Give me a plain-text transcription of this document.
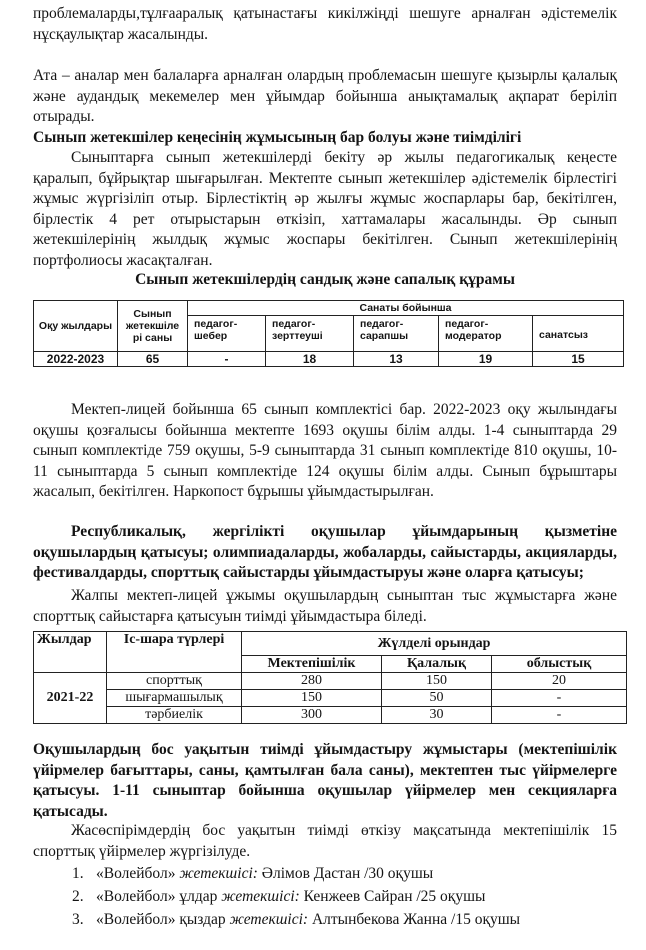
проблемаларды,тұлғааралық қатынастағы кикілжіңді шешуге арналған әдістемелік нұсқаулықтар жасалынды.

Ата – аналар мен балаларға арналған олардың проблемасын шешуге қызырлы қалалық және аудандық мекемелер мен ұйымдар бойынша анықтамалық ақпарат беріліп отырады.

Сынып жетекшілер кеңесінің жұмысының бар болуы және тиімділігі

Сыныптарға сынып жетекшілерді бекіту әр жылы педагогикалық кеңесте қаралып, бұйрықтар шығарылған. Мектепте сынып жетекшілер әдістемелік бірлестігі жұмыс жүргізіліп отыр. Бірлестіктің әр жылғы жұмыс жоспарлары бар, бекітілген, бірлестік 4 рет отырыстарын өткізіп, хаттамалары жасалынды. Әр сынып жетекшілерінің жылдық жұмыс жоспары бекітілген. Сынып жетекшілерінің портфолиосы жасақталған.

Сынып жетекшілердің сандық және сапалық құрамы

Оқу жылдары	Сынып жетекшіле рі саны	Санаты бойынша				
		педагог-шебер	педагог-зерттеуші	педагог-сарапшы	педагог-модератор	санатсыз
2022-2023	65	-	18	13	19	15

Мектеп-лицей бойынша 65 сынып комплектісі бар. 2022-2023 оқу жылындағы оқушы қозғалысы бойынша мектепте 1693 оқушы білім алды. 1-4 сыныптарда 29 сынып комплектіде 759 оқушы, 5-9 сыныптарда 31 сынып комплектіде 810 оқушы, 10-11 сыныптарда 5 сынып комплектіде 124 оқушы білім алды. Сынып бұрыштары жасалып, бекітілген. Наркопост бұрышы ұйымдастырылған.

Республикалық, жергілікті оқушылар ұйымдарының қызметіне оқушылардың қатысуы; олимпиадаларды, жобаларды, сайыстарды, акцияларды, фестивалдарды, спорттық сайыстарды ұйымдастыруы және оларға қатысуы;

Жалпы мектеп-лицей ұжымы оқушылардың сыныптан тыс жұмыстарға және спорттық сайыстарға қатысуын тиімді ұйымдастыра біледі.

Жылдар	Іс-шара түрлері	Жүлделі орындар		
		Мектепішілік	Қалалық	облыстық
2021-22	спорттық	280	150	20
	шығармашылық	150	50	-
	тәрбиелік	300	30	-

Оқушылардың бос уақытын тиімді ұйымдастыру жұмыстары (мектепішілік үйірмелер бағыттары, саны, қамтылған бала саны), мектептен тыс үйірмелерге қатысуы. 1-11 сыныптар бойынша оқушылар үйірмелер мен секцияларға қатысады.

Жасөспірімдердің бос уақытын тиімді өткізу мақсатында мектепішілік 15 спорттық үйірмелер жүргізілуде.

1. «Волейбол» жетекшісі: Әлімов Дастан /30 оқушы
2. «Волейбол» ұлдар жетекшісі: Кенжеев Сайран /25 оқушы
3. «Волейбол» қыздар жетекшісі: Алтынбекова Жанна /15 оқушы
